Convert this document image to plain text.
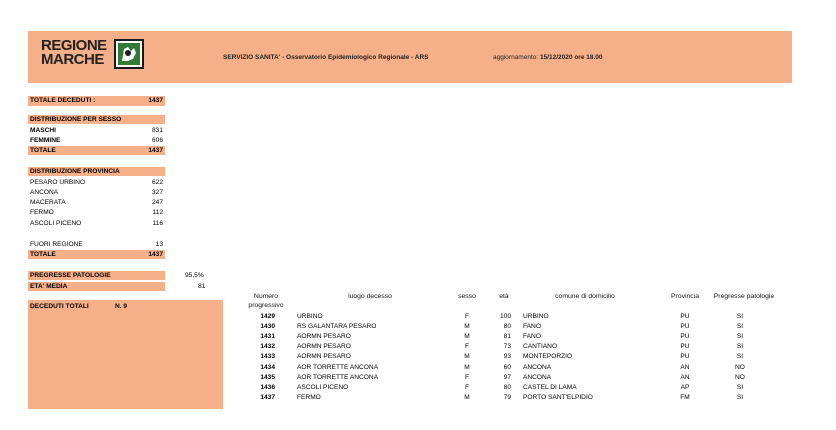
REGIONE
MARCHE	SERVIZIO SANITA' - Osservatorio Epidemiologico Regionale - ARS	aggiornamento: 15/12/2020 ore 18.00
TOTALE DECEDUTI :	1437
DISTRIBUZIONE PER SESSO
MASCHI	831
FEMMINE	606
TOTALE	1437
DISTRIBUZIONE PROVINCIA
PESARO URBINO	622
ANCONA	327
MACERATA	247
FERMO	112
ASCOLI PICENO	116
FUORI REGIONE	13
TOTALE	1437
PREGRESSE PATOLOGIE	95,5%
ETA' MEDIA	81
DECEDUTI TOTALI	N. 9
Numero
progressivo
luogo decesso	sesso	età	comune di domicilio	Provincia	Pregresse patologie
1429	URBINO	F	100 URBINO	PU	SI
1430	RS GALANTARA PESARO	M	80 FANO	PU	SI
1431	AORMN PESARO	M	81 FANO	PU	SI
1432	AORMN PESARO	F	73 CANTIANO	PU	SI
1433	AORMN PESARO	M	93 MONTEPORZIO	PU	SI
1434	AOR TORRETTE ANCONA	M	60 ANCONA	AN	NO
1435	AOR TORRETTE ANCONA	F	97 ANCONA	AN	NO
1436	ASCOLI PICENO	F	80 CASTEL DI LAMA	AP	SI
1437	FERMO	M	79 PORTO SANT'ELPIDIO	FM	SI
